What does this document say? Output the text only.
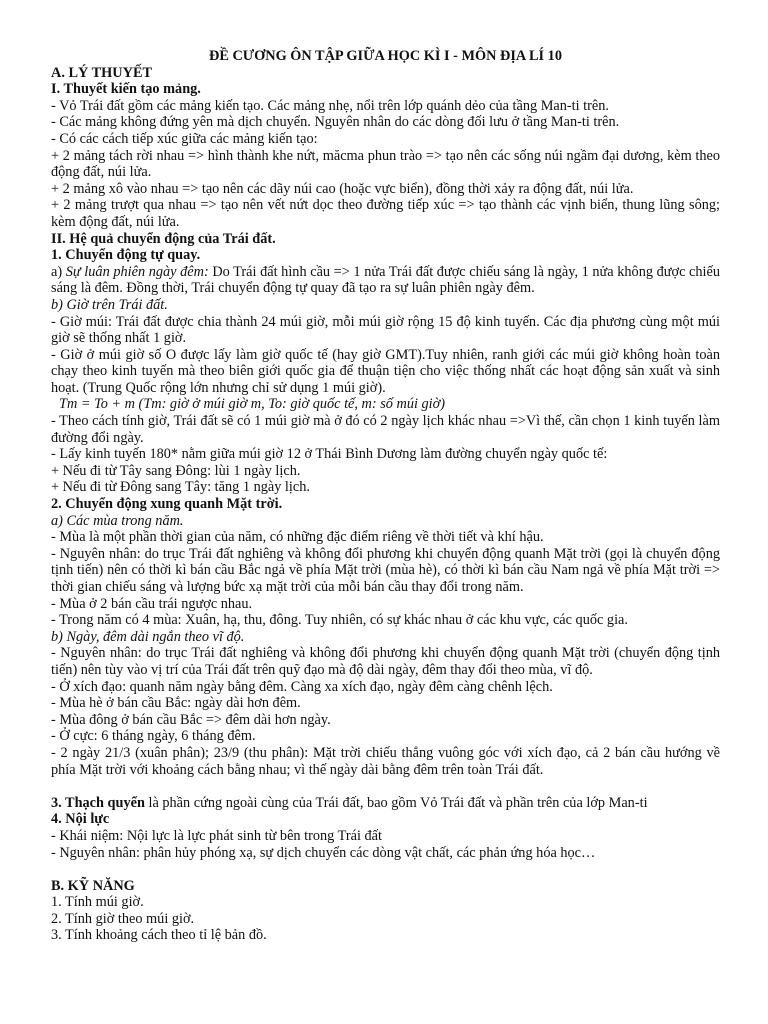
ĐỀ CƯƠNG ÔN TẬP GIỮA HỌC KÌ I - MÔN ĐỊA LÍ 10

A. LÝ THUYẾT

I. Thuyết kiến tạo mảng.

- Vỏ Trái đất gồm các mảng kiến tạo. Các mảng nhẹ, nổi trên lớp quánh dẻo của tầng Man-ti trên.

- Các mảng không đứng yên mà dịch chuyển. Nguyên nhân do các dòng đối lưu ở tầng Man-ti trên.

- Có các cách tiếp xúc giữa các mảng kiến tạo:

+ 2 mảng tách rời nhau => hình thành khe nứt, măcma phun trào => tạo nên các sống núi ngầm đại dương, kèm theo động đất, núi lửa.

+ 2 mảng xô vào nhau => tạo nên các dãy núi cao (hoặc vực biển), đồng thời xảy ra động đất, núi lửa.

+ 2 mảng trượt qua nhau => tạo nên vết nứt dọc theo đường tiếp xúc => tạo thành các vịnh biển, thung lũng sông; kèm động đất, núi lửa.

II. Hệ quả chuyển động của Trái đất.

1. Chuyển động tự quay.

a) Sự luân phiên ngày đêm: Do Trái đất hình cầu => 1 nửa Trái đất được chiếu sáng là ngày, 1 nửa không được chiếu sáng là đêm. Đồng thời, Trái chuyển động tự quay đã tạo ra sự luân phiên ngày đêm.

b) Giờ trên Trái đất.

- Giờ múi: Trái đất được chia thành 24 múi giờ, mỗi múi giờ rộng 15 độ kinh tuyến. Các địa phương cùng một múi giờ sẽ thống nhất 1 giờ.

- Giờ ở múi giờ số O được lấy làm giờ quốc tế (hay giờ GMT).Tuy nhiên, ranh giới các múi giờ không hoàn toàn chạy theo kinh tuyến mà theo biên giới quốc gia để thuận tiện cho việc thống nhất các hoạt động sản xuất và sinh hoạt. (Trung Quốc rộng lớn nhưng chỉ sử dụng 1 múi giờ).

Tm = To + m (Tm: giờ ở múi giờ m, To: giờ quốc tế, m: số múi giờ)

- Theo cách tính giờ, Trái đất sẽ có 1 múi giờ mà ở đó có 2 ngày lịch khác nhau =>Vì thế, cần chọn 1 kinh tuyến làm đường đổi ngày.

- Lấy kinh tuyến 180* nằm giữa múi giờ 12 ở Thái Bình Dương làm đường chuyển ngày quốc tế:

+ Nếu đi từ Tây sang Đông: lùi 1 ngày lịch.

+ Nếu đi từ Đông sang Tây: tăng 1 ngày lịch.

2. Chuyển động xung quanh Mặt trời.

a) Các mùa trong năm.

- Mùa là một phần thời gian của năm, có những đặc điểm riêng về thời tiết và khí hậu.

- Nguyên nhân: do trục Trái đất nghiêng và không đổi phương khi chuyển động quanh Mặt trời (gọi là chuyển động tịnh tiến) nên có thời kì bán cầu Bắc ngả về phía Mặt trời (mùa hè), có thời kì bán cầu Nam ngả về phía Mặt trời => thời gian chiếu sáng và lượng bức xạ mặt trời của mỗi bán cầu thay đổi trong năm.

- Mùa ở 2 bán cầu trái ngược nhau.

- Trong năm có 4 mùa: Xuân, hạ, thu, đông. Tuy nhiên, có sự khác nhau ở các khu vực, các quốc gia.

b) Ngày, đêm dài ngắn theo vĩ độ.

- Nguyên nhân: do trục Trái đất nghiêng và không đổi phương khi chuyển động quanh Mặt trời (chuyển động tịnh tiến) nên tùy vào vị trí của Trái đất trên quỹ đạo mà độ dài ngày, đêm thay đổi theo mùa, vĩ độ.

- Ở xích đạo: quanh năm ngày bằng đêm. Càng xa xích đạo, ngày đêm càng chênh lệch.

- Mùa hè ở bán cầu Bắc: ngày dài hơn đêm.

- Mùa đông ở bán cầu Bắc => đêm dài hơn ngày.

- Ở cực: 6 tháng ngày, 6 tháng đêm.

- 2 ngày 21/3 (xuân phân); 23/9 (thu phân): Mặt trời chiếu thẳng vuông góc với xích đạo, cả 2 bán cầu hướng về phía Mặt trời với khoảng cách bằng nhau; vì thế ngày dài bằng đêm trên toàn Trái đất.

3. Thạch quyển là phần cứng ngoài cùng của Trái đất, bao gồm Vỏ Trái đất và phần trên của lớp Man-ti

4. Nội lực

- Khái niệm: Nội lực là lực phát sinh từ bên trong Trái đất

- Nguyên nhân: phân hủy phóng xạ, sự dịch chuyển các dòng vật chất, các phản ứng hóa học…

B. KỸ NĂNG

1. Tính múi giờ.

2. Tính giờ theo múi giờ.

3. Tính khoảng cách theo tỉ lệ bản đồ.
